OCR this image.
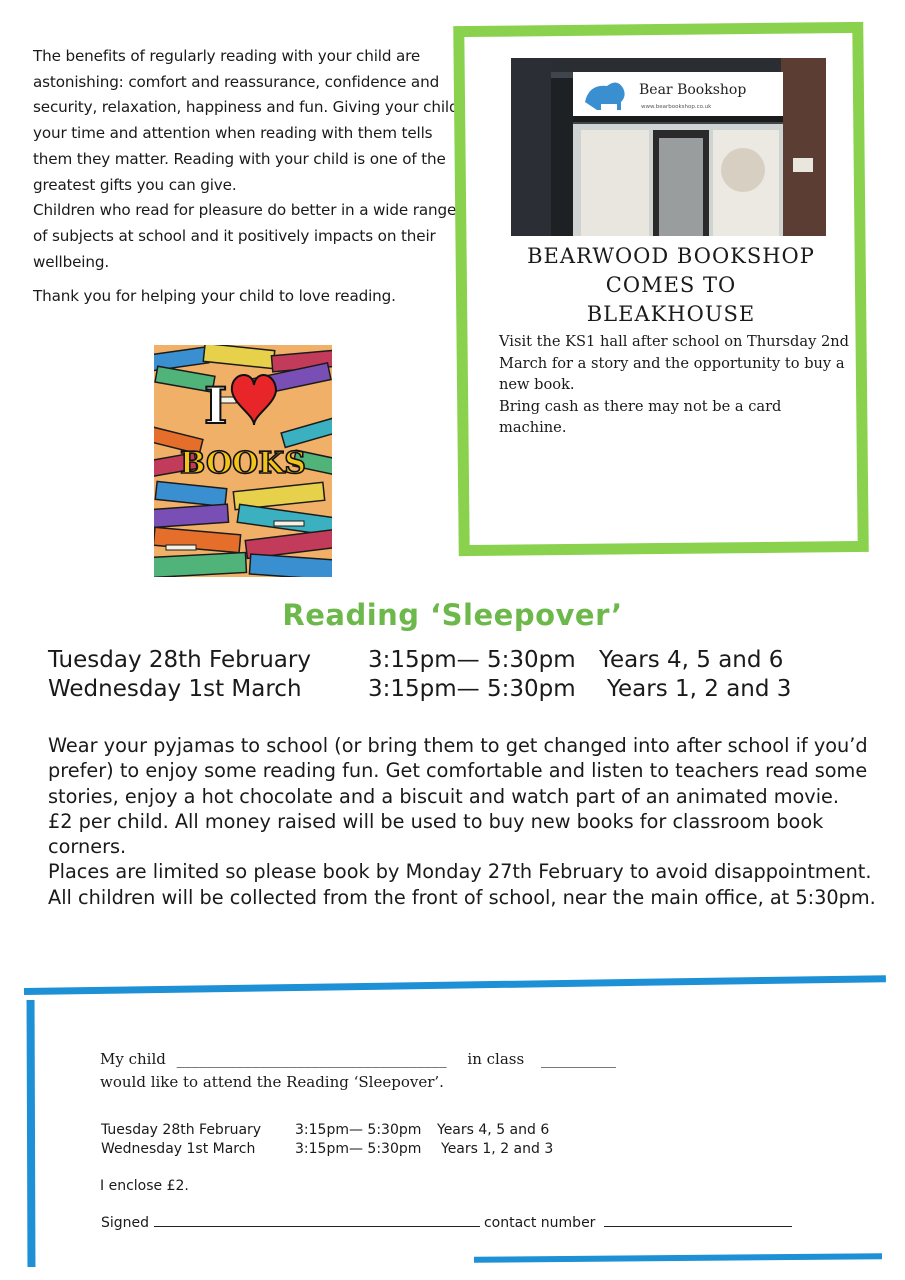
The benefits of regularly reading with your child are astonishing: comfort and reassurance, confidence and security, relaxation, happiness and fun. Giving your child your time and attention when reading with them tells them they matter. Reading with your child is one of the greatest gifts you can give.

Children who read for pleasure do better in a wide range of subjects at school and it positively impacts on their wellbeing.

Thank you for helping your child to love reading.

I
BOOKS
Bear Bookshop
www.bearbookshop.co.uk
BEARWOOD BOOKSHOP
COMES TO
BLEAKHOUSE

Visit the KS1 hall after school on Thursday 2nd March for a story and the opportunity to buy a new book.

Bring cash as there may not be a card machine.

Reading ‘Sleepover’
Tuesday 28th February 3:15pm— 5:30pm Years 4, 5 and 6
Wednesday 1st March	3:15pm— 5:30pm Years 1, 2 and 3

Wear your pyjamas to school (or bring them to get changed into after school if you’d prefer) to enjoy some reading fun. Get comfortable and listen to teachers read some stories, enjoy a hot chocolate and a biscuit and watch part of an animated movie.

£2 per child. All money raised will be used to buy new books for classroom book corners.

Places are limited so please book by Monday 27th February to avoid disappointment. All children will be collected from the front of school, near the main office, at 5:30pm.

My child ____________________________________ in class __________
would like to attend the Reading ‘Sleepover’.
Tuesday 28th February 3:15pm— 5:30pm Years 4, 5 and 6
Wednesday 1st March	3:15pm— 5:30pm Years 1, 2 and 3
I enclose £2.
Signed	contact number
